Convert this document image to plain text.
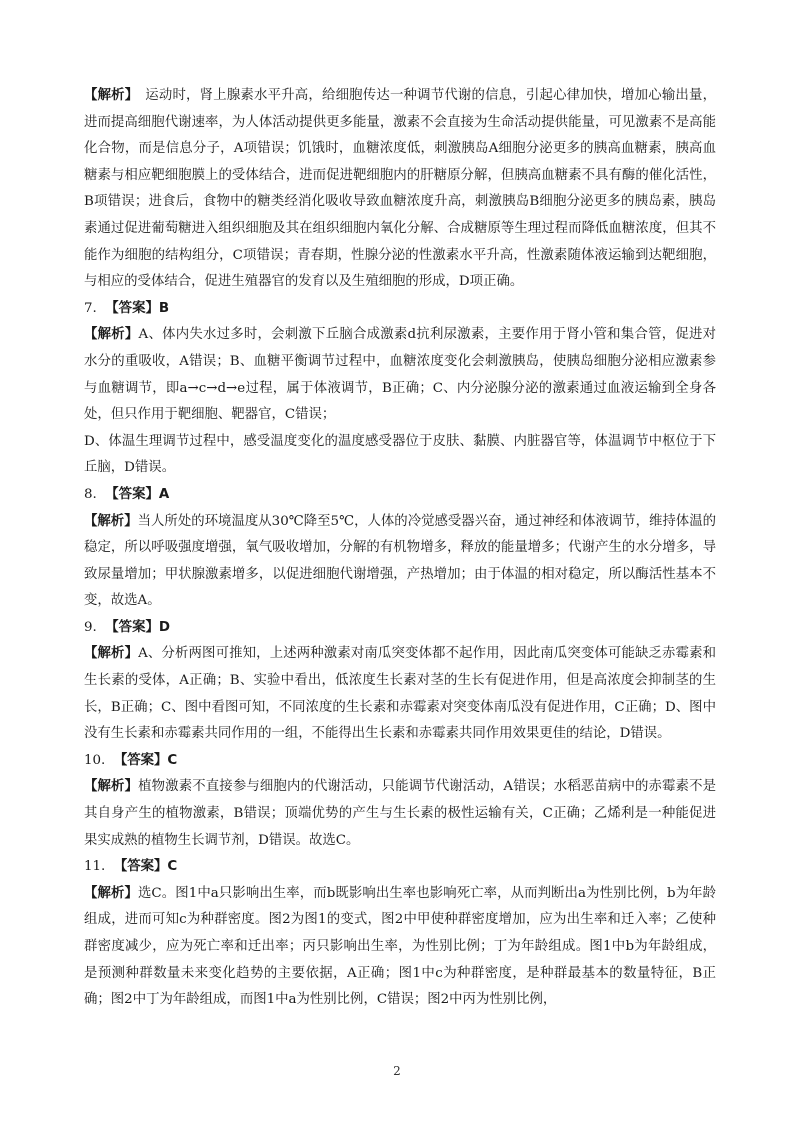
【解析】　运动时，肾上腺素水平升高，给细胞传达一种调节代谢的信息，引起心律加快，增加心输出量，进而提高细胞代谢速率，为人体活动提供更多能量，激素不会直接为生命活动提供能量，可见激素不是高能化合物，而是信息分子，A项错误；饥饿时，血糖浓度低，刺激胰岛A细胞分泌更多的胰高血糖素，胰高血糖素与相应靶细胞膜上的受体结合，进而促进靶细胞内的肝糖原分解，但胰高血糖素不具有酶的催化活性，B项错误；进食后，食物中的糖类经消化吸收导致血糖浓度升高，刺激胰岛B细胞分泌更多的胰岛素，胰岛素通过促进葡萄糖进入组织细胞及其在组织细胞内氧化分解、合成糖原等生理过程而降低血糖浓度，但其不能作为细胞的结构组分，C项错误；青春期，性腺分泌的性激素水平升高，性激素随体液运输到达靶细胞，与相应的受体结合，促进生殖器官的发育以及生殖细胞的形成，D项正确。

7. 【答案】B

【解析】A、体内失水过多时，会刺激下丘脑合成激素d抗利尿激素，主要作用于肾小管和集合管，促进对水分的重吸收，A错误；B、血糖平衡调节过程中，血糖浓度变化会刺激胰岛，使胰岛细胞分泌相应激素参与血糖调节，即a→c→d→e过程，属于体液调节，B正确；C、内分泌腺分泌的激素通过血液运输到全身各处，但只作用于靶细胞、靶器官，C错误；

D、体温生理调节过程中，感受温度变化的温度感受器位于皮肤、黏膜、内脏器官等，体温调节中枢位于下丘脑，D错误。

8. 【答案】A

【解析】当人所处的环境温度从30℃降至5℃，人体的冷觉感受器兴奋，通过神经和体液调节，维持体温的稳定，所以呼吸强度增强，氧气吸收增加，分解的有机物增多，释放的能量增多；代谢产生的水分增多，导致尿量增加；甲状腺激素增多，以促进细胞代谢增强，产热增加；由于体温的相对稳定，所以酶活性基本不变，故选A。

9. 【答案】D

【解析】A、分析两图可推知，上述两种激素对南瓜突变体都不起作用，因此南瓜突变体可能缺乏赤霉素和生长素的受体，A正确；B、实验中看出，低浓度生长素对茎的生长有促进作用，但是高浓度会抑制茎的生长，B正确；C、图中看图可知，不同浓度的生长素和赤霉素对突变体南瓜没有促进作用，C正确；D、图中没有生长素和赤霉素共同作用的一组，不能得出生长素和赤霉素共同作用效果更佳的结论，D错误。

10. 【答案】C

【解析】植物激素不直接参与细胞内的代谢活动，只能调节代谢活动，A错误；水稻恶苗病中的赤霉素不是其自身产生的植物激素，B错误；顶端优势的产生与生长素的极性运输有关，C正确；乙烯利是一种能促进果实成熟的植物生长调节剂，D错误。故选C。

11. 【答案】C

【解析】选C。图1中a只影响出生率，而b既影响出生率也影响死亡率，从而判断出a为性别比例，b为年龄组成，进而可知c为种群密度。图2为图1的变式，图2中甲使种群密度增加，应为出生率和迁入率；乙使种群密度减少，应为死亡率和迁出率；丙只影响出生率，为性别比例；丁为年龄组成。图1中b为年龄组成，是预测种群数量未来变化趋势的主要依据，A正确；图1中c为种群密度，是种群最基本的数量特征，B正确；图2中丁为年龄组成，而图1中a为性别比例，C错误；图2中丙为性别比例，

2
